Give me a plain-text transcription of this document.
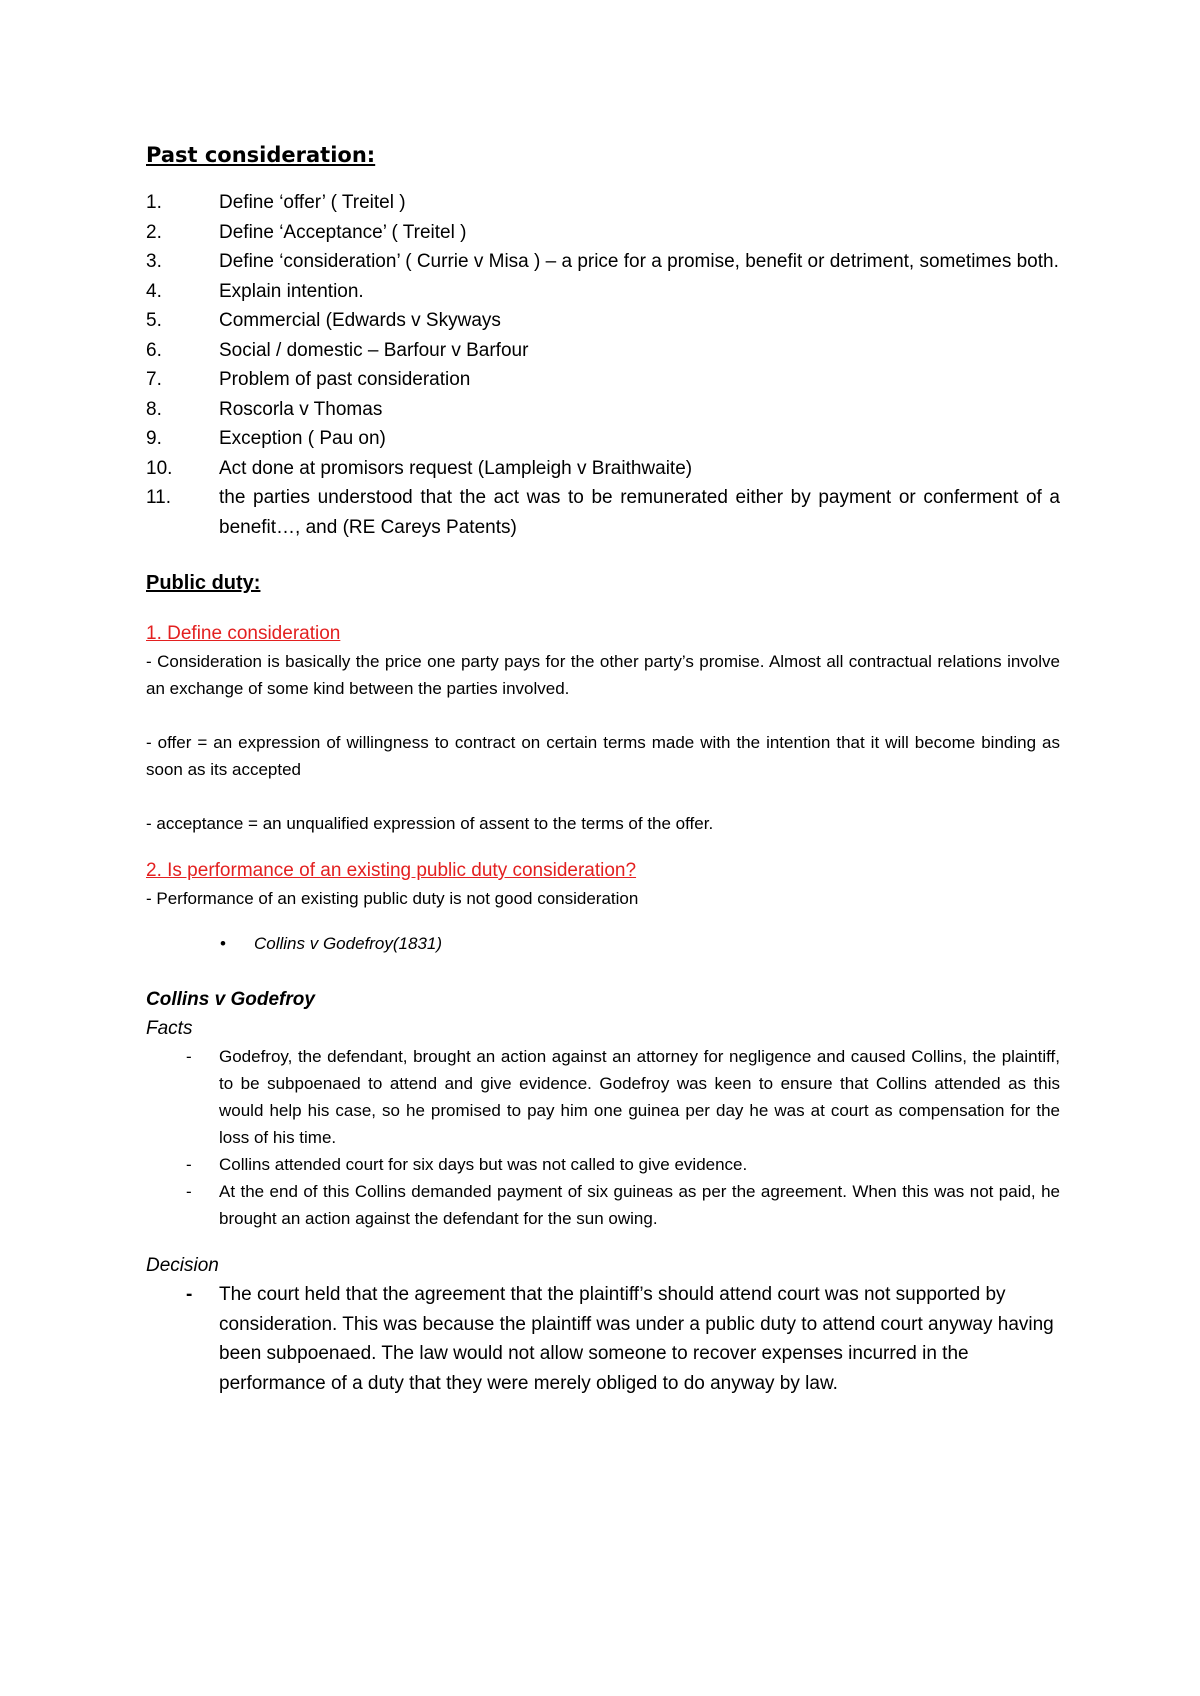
Past consideration:
1.	Define ‘offer’ ( Treitel )
2.	Define ‘Acceptance’ ( Treitel )
3.	Define ‘consideration’ ( Currie v Misa ) – a price for a promise, benefit or detriment, sometimes both.
4.	Explain intention.
5.	Commercial (Edwards v Skyways
6.	Social / domestic – Barfour v Barfour
7.	Problem of past consideration
8.	Roscorla v Thomas
9.	Exception ( Pau on)
10.	Act done at promisors request (Lampleigh v Braithwaite)
11.	the parties understood that the act was to be remunerated either by payment or conferment of a benefit…, and (RE Careys Patents)
Public duty:
1. Define consideration
- Consideration is basically the price one party pays for the other party’s promise. Almost all contractual relations involve an exchange of some kind between the parties involved.
- offer = an expression of willingness to contract on certain terms made with the intention that it will become binding as soon as its accepted
- acceptance = an unqualified expression of assent to the terms of the offer.
2. Is performance of an existing public duty consideration?
- Performance of an existing public duty is not good consideration
• Collins v Godefroy(1831)
Collins v Godefroy
Facts
- Godefroy, the defendant, brought an action against an attorney for negligence and caused Collins, the plaintiff, to be subpoenaed to attend and give evidence. Godefroy was keen to ensure that Collins attended as this would help his case, so he promised to pay him one guinea per day he was at court as compensation for the loss of his time.
- Collins attended court for six days but was not called to give evidence.
- At the end of this Collins demanded payment of six guineas as per the agreement. When this was not paid, he brought an action against the defendant for the sun owing.
Decision
- The court held that the agreement that the plaintiff’s should attend court was not supported by consideration. This was because the plaintiff was under a public duty to attend court anyway having been subpoenaed. The law would not allow someone to recover expenses incurred in the performance of a duty that they were merely obliged to do anyway by law.
